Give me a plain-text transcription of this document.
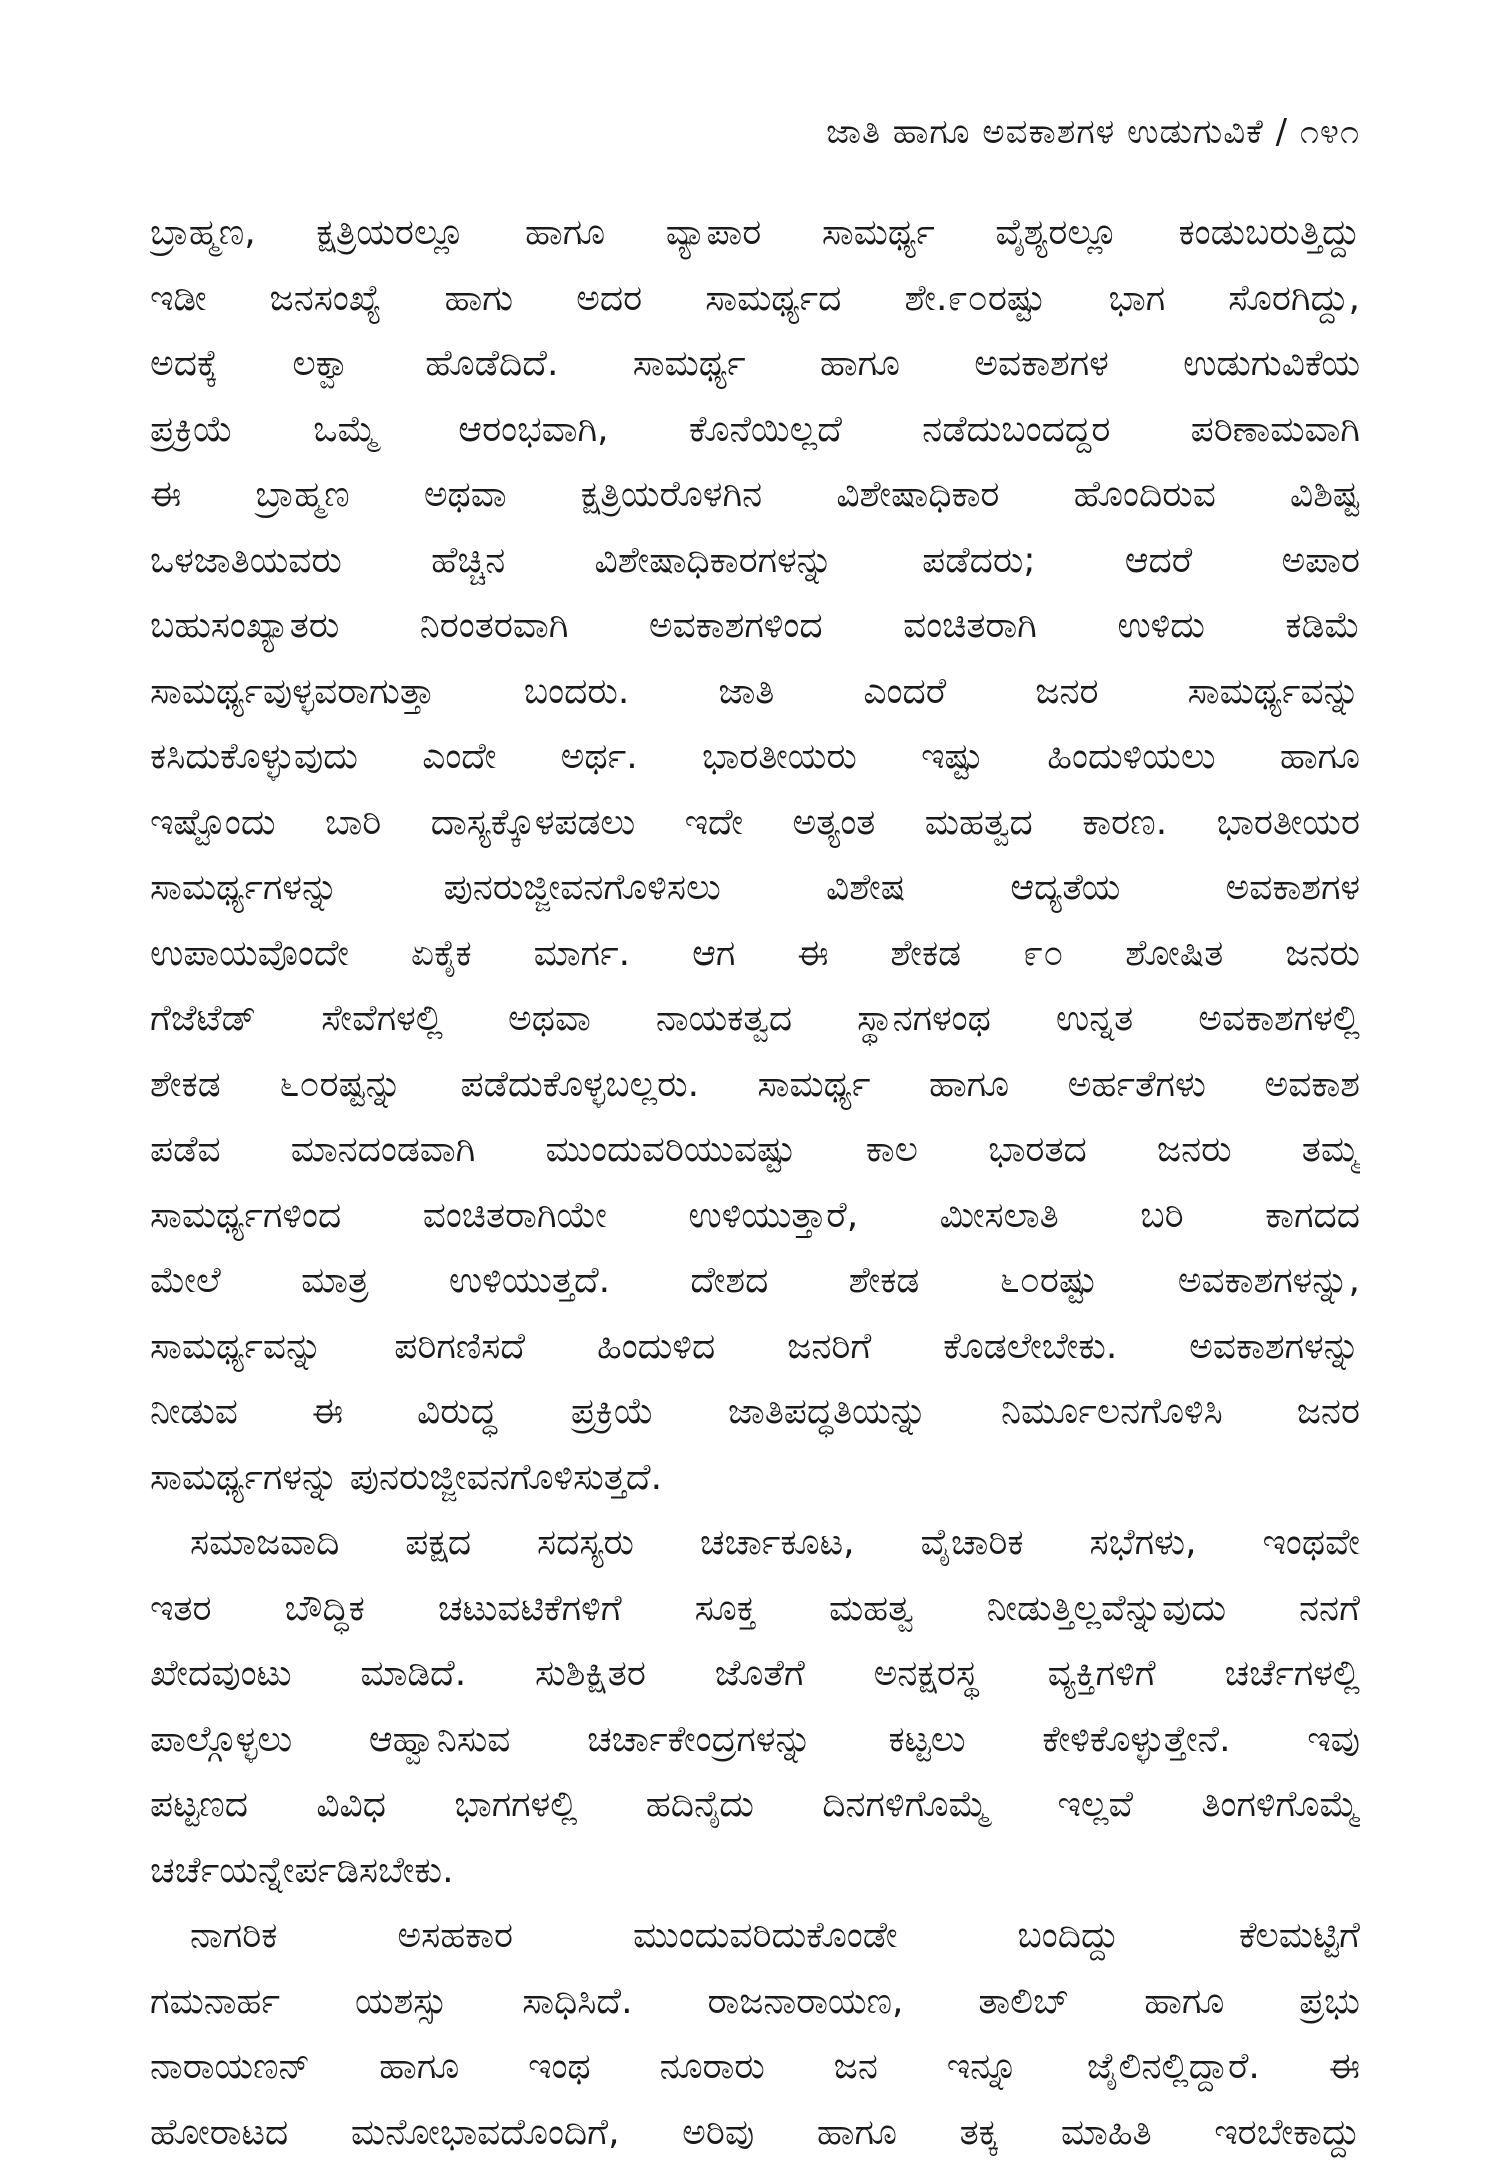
ಜಾತಿ ಹಾಗೂ ಅವಕಾಶಗಳ ಉಡುಗುವಿಕೆ / ೧೪೧
ಬ್ರಾಹ್ಮಣ, ಕ್ಷತ್ರಿಯರಲ್ಲೂ ಹಾಗೂ ವ್ಯಾಪಾರ ಸಾಮರ್ಥ್ಯ ವೈಶ್ಯರಲ್ಲೂ ಕಂಡುಬರುತ್ತಿದ್ದು
ಇಡೀ ಜನಸಂಖ್ಯೆ ಹಾಗು ಅದರ ಸಾಮರ್ಥ್ಯದ ಶೇ.೯೦ರಷ್ಟು ಭಾಗ ಸೊರಗಿದ್ದು,
ಅದಕ್ಕೆ ಲಕ್ವಾ ಹೊಡೆದಿದೆ. ಸಾಮರ್ಥ್ಯ ಹಾಗೂ ಅವಕಾಶಗಳ ಉಡುಗುವಿಕೆಯ
ಪ್ರಕ್ರಿಯೆ ಒಮ್ಮೆ ಆರಂಭವಾಗಿ, ಕೊನೆಯಿಲ್ಲದೆ ನಡೆದುಬಂದದ್ದರ ಪರಿಣಾಮವಾಗಿ
ಈ ಬ್ರಾಹ್ಮಣ ಅಥವಾ ಕ್ಷತ್ರಿಯರೊಳಗಿನ ವಿಶೇಷಾಧಿಕಾರ ಹೊಂದಿರುವ ವಿಶಿಷ್ಟ
ಒಳಜಾತಿಯವರು ಹೆಚ್ಚಿನ ವಿಶೇಷಾಧಿಕಾರಗಳನ್ನು ಪಡೆದರು; ಆದರೆ ಅಪಾರ
ಬಹುಸಂಖ್ಯಾತರು ನಿರಂತರವಾಗಿ ಅವಕಾಶಗಳಿಂದ ವಂಚಿತರಾಗಿ ಉಳಿದು ಕಡಿಮೆ
ಸಾಮರ್ಥ್ಯವುಳ್ಳವರಾಗುತ್ತಾ ಬಂದರು. ಜಾತಿ ಎಂದರೆ ಜನರ ಸಾಮರ್ಥ್ಯವನ್ನು
ಕಸಿದುಕೊಳ್ಳುವುದು ಎಂದೇ ಅರ್ಥ. ಭಾರತೀಯರು ಇಷ್ಟು ಹಿಂದುಳಿಯಲು ಹಾಗೂ
ಇಷ್ಟೊಂದು ಬಾರಿ ದಾಸ್ಯಕ್ಕೊಳಪಡಲು ಇದೇ ಅತ್ಯಂತ ಮಹತ್ವದ ಕಾರಣ. ಭಾರತೀಯರ
ಸಾಮರ್ಥ್ಯಗಳನ್ನು ಪುನರುಜ್ಜೀವನಗೊಳಿಸಲು ವಿಶೇಷ ಆದ್ಯತೆಯ ಅವಕಾಶಗಳ
ಉಪಾಯವೊಂದೇ ಏಕೈಕ ಮಾರ್ಗ. ಆಗ ಈ ಶೇಕಡ ೯೦ ಶೋಷಿತ ಜನರು
ಗೆಜೆಟೆಡ್ ಸೇವೆಗಳಲ್ಲಿ ಅಥವಾ ನಾಯಕತ್ವದ ಸ್ಥಾನಗಳಂಥ ಉನ್ನತ ಅವಕಾಶಗಳಲ್ಲಿ
ಶೇಕಡ ೬೦ರಷ್ಟನ್ನು ಪಡೆದುಕೊಳ್ಳಬಲ್ಲರು. ಸಾಮರ್ಥ್ಯ ಹಾಗೂ ಅರ್ಹತೆಗಳು ಅವಕಾಶ
ಪಡೆವ ಮಾನದಂಡವಾಗಿ ಮುಂದುವರಿಯುವಷ್ಟು ಕಾಲ ಭಾರತದ ಜನರು ತಮ್ಮ
ಸಾಮರ್ಥ್ಯಗಳಿಂದ ವಂಚಿತರಾಗಿಯೇ ಉಳಿಯುತ್ತಾರೆ, ಮೀಸಲಾತಿ ಬರಿ ಕಾಗದದ
ಮೇಲೆ ಮಾತ್ರ ಉಳಿಯುತ್ತದೆ. ದೇಶದ ಶೇಕಡ ೬೦ರಷ್ಟು ಅವಕಾಶಗಳನ್ನು,
ಸಾಮರ್ಥ್ಯವನ್ನು ಪರಿಗಣಿಸದೆ ಹಿಂದುಳಿದ ಜನರಿಗೆ ಕೊಡಲೇಬೇಕು. ಅವಕಾಶಗಳನ್ನು
ನೀಡುವ ಈ ವಿರುದ್ಧ ಪ್ರಕ್ರಿಯೆ ಜಾತಿಪದ್ಧತಿಯನ್ನು ನಿರ್ಮೂಲನಗೊಳಿಸಿ ಜನರ
ಸಾಮರ್ಥ್ಯಗಳನ್ನು ಪುನರುಜ್ಜೀವನಗೊಳಿಸುತ್ತದೆ.
ಸಮಾಜವಾದಿ ಪಕ್ಷದ ಸದಸ್ಯರು ಚರ್ಚಾಕೂಟ, ವೈಚಾರಿಕ ಸಭೆಗಳು, ಇಂಥವೇ
ಇತರ ಬೌದ್ಧಿಕ ಚಟುವಟಿಕೆಗಳಿಗೆ ಸೂಕ್ತ ಮಹತ್ವ ನೀಡುತ್ತಿಲ್ಲವೆನ್ನುವುದು ನನಗೆ
ಖೇದವುಂಟು ಮಾಡಿದೆ. ಸುಶಿಕ್ಷಿತರ ಜೊತೆಗೆ ಅನಕ್ಷರಸ್ಥ ವ್ಯಕ್ತಿಗಳಿಗೆ ಚರ್ಚೆಗಳಲ್ಲಿ
ಪಾಲ್ಗೊಳ್ಳಲು ಆಹ್ವಾನಿಸುವ ಚರ್ಚಾಕೇಂದ್ರಗಳನ್ನು ಕಟ್ಟಲು ಕೇಳಿಕೊಳ್ಳುತ್ತೇನೆ. ಇವು
ಪಟ್ಟಣದ ವಿವಿಧ ಭಾಗಗಳಲ್ಲಿ ಹದಿನೈದು ದಿನಗಳಿಗೊಮ್ಮೆ ಇಲ್ಲವೆ ತಿಂಗಳಿಗೊಮ್ಮೆ
ಚರ್ಚೆಯನ್ನೇರ್ಪಡಿಸಬೇಕು.
ನಾಗರಿಕ ಅಸಹಕಾರ ಮುಂದುವರಿದುಕೊಂಡೇ ಬಂದಿದ್ದು ಕೆಲಮಟ್ಟಿಗೆ
ಗಮನಾರ್ಹ ಯಶಸ್ಸು ಸಾಧಿಸಿದೆ. ರಾಜನಾರಾಯಣ, ತಾಲಿಬ್ ಹಾಗೂ ಪ್ರಭು
ನಾರಾಯಣನ್ ಹಾಗೂ ಇಂಥ ನೂರಾರು ಜನ ಇನ್ನೂ ಜೈಲಿನಲ್ಲಿದ್ದಾರೆ. ಈ
ಹೋರಾಟದ ಮನೋಭಾವದೊಂದಿಗೆ, ಅರಿವು ಹಾಗೂ ತಕ್ಕ ಮಾಹಿತಿ ಇರಬೇಕಾದ್ದು
